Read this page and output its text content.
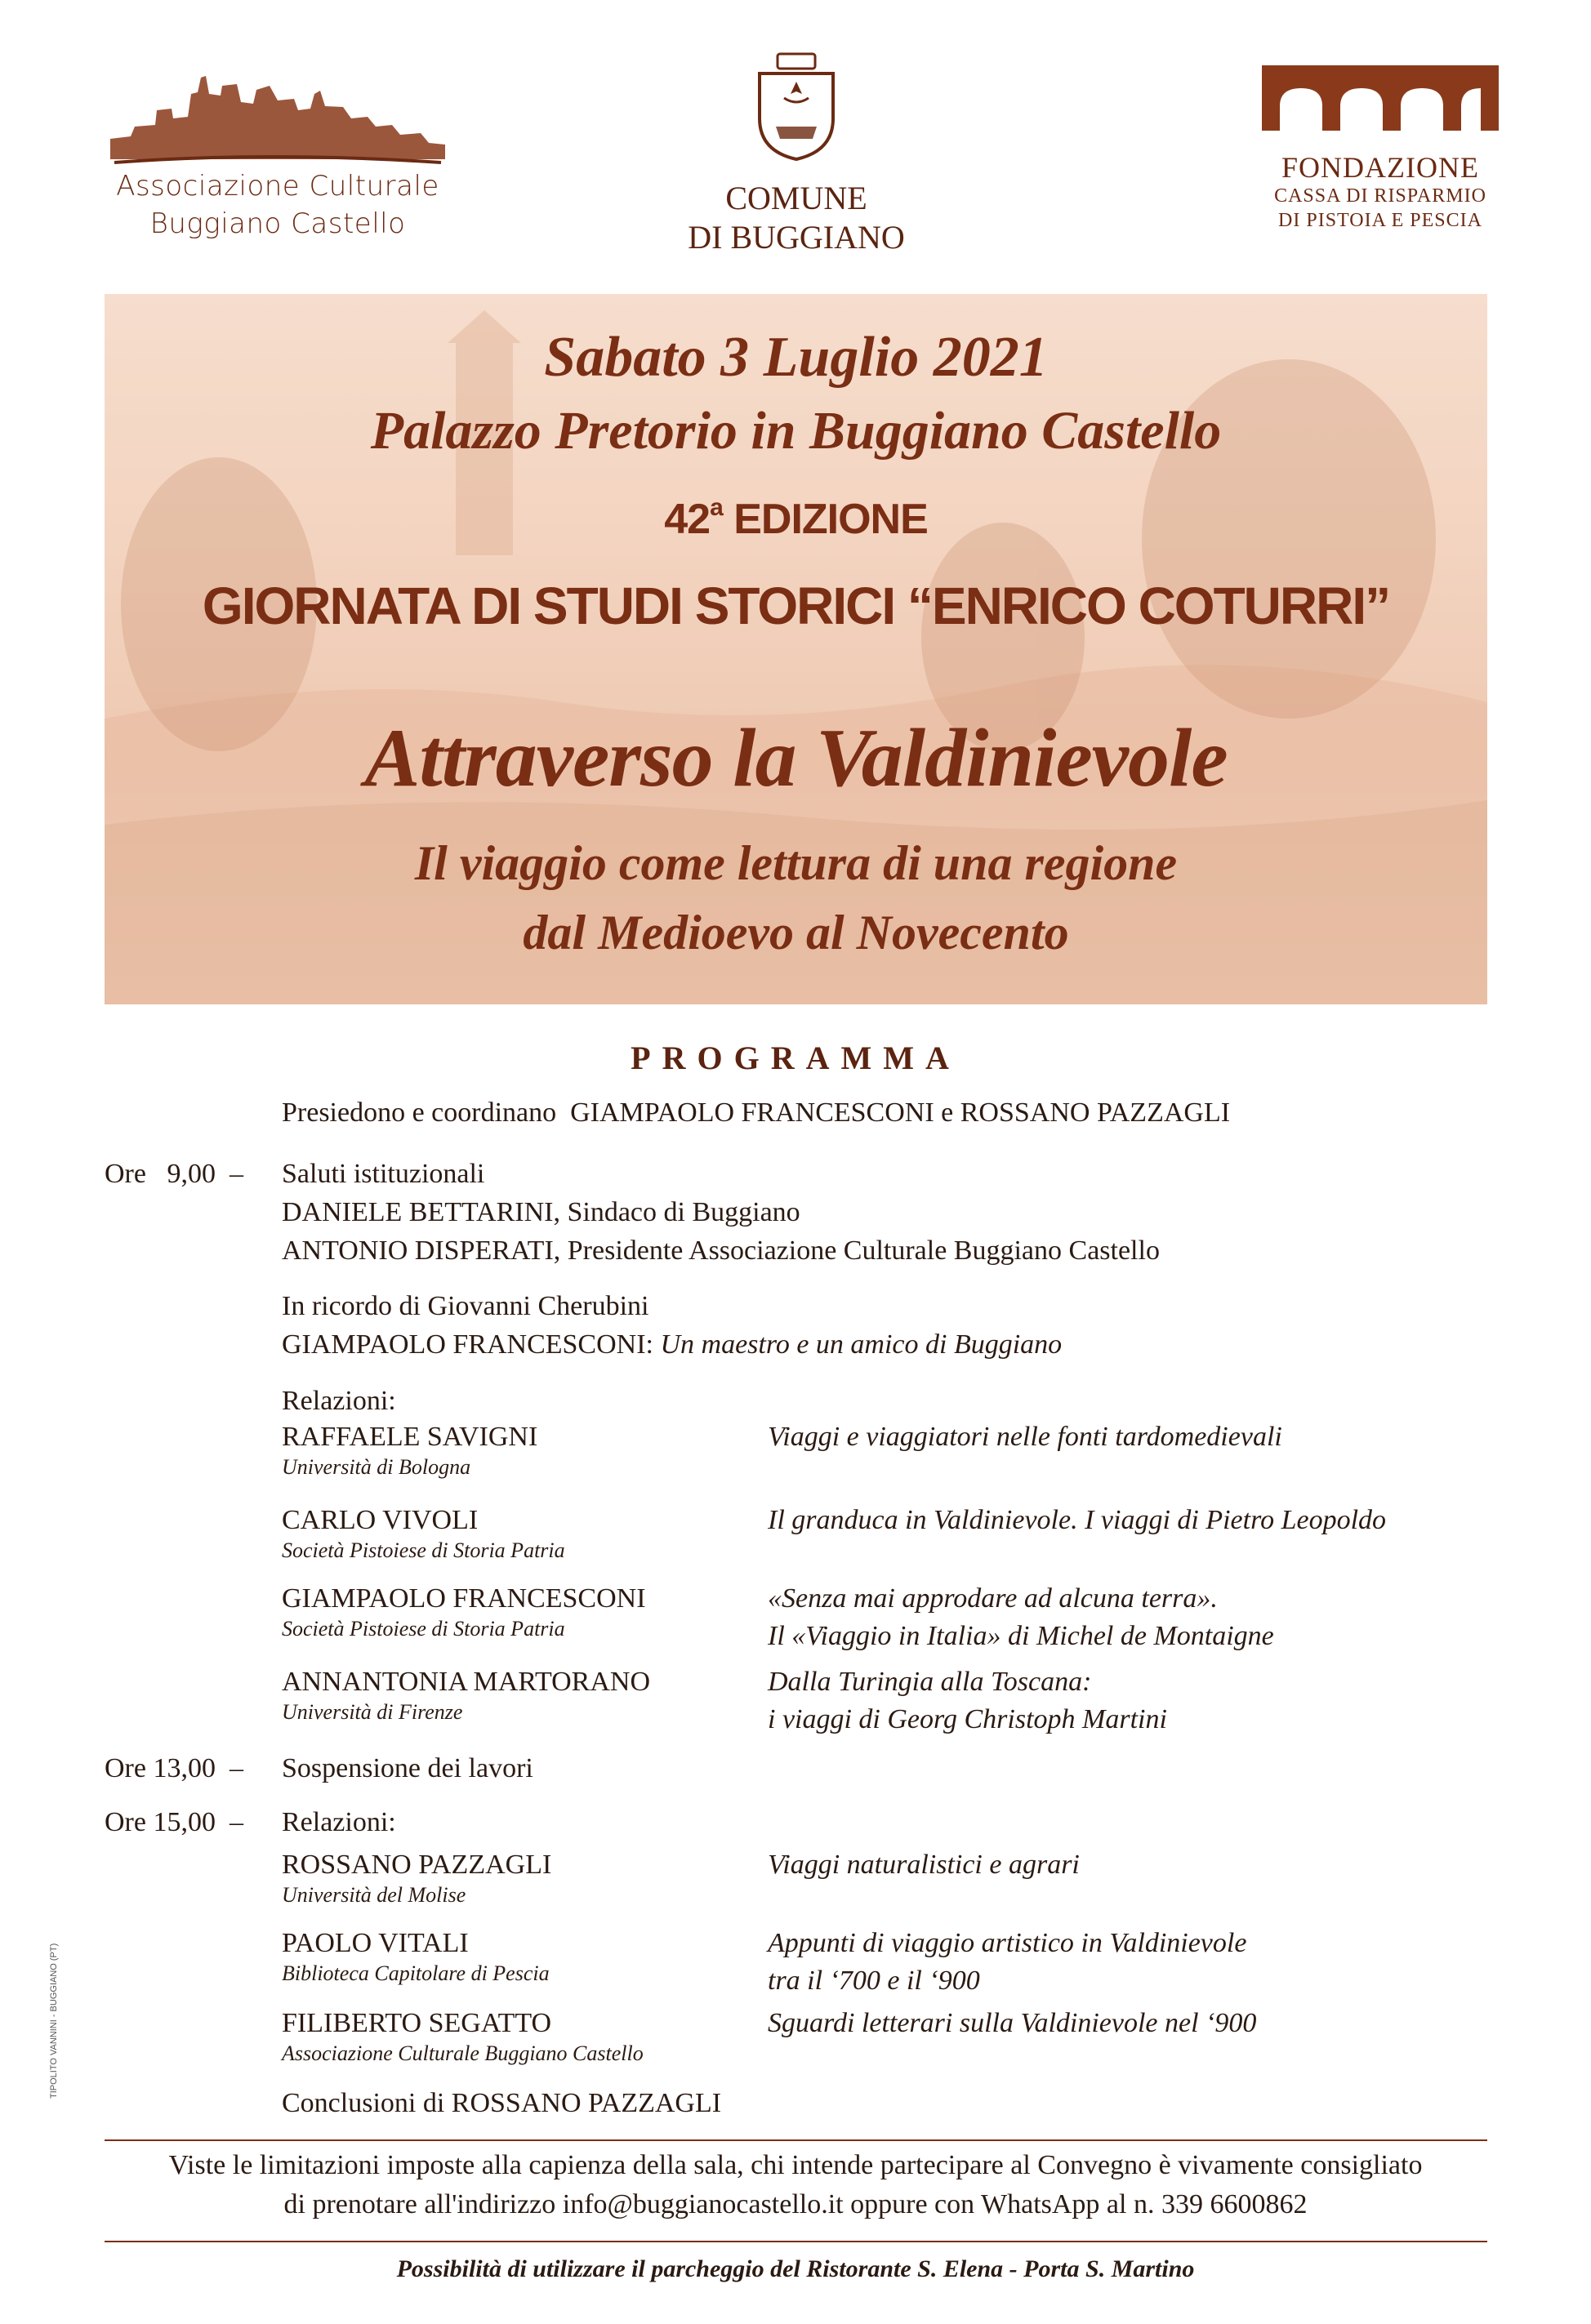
Associazione Culturale
Buggiano Castello
COMUNE
DI BUGGIANO
FONDAZIONE
CASSA DI RISPARMIO
DI PISTOIA E PESCIA
Sabato 3 Luglio 2021
Palazzo Pretorio in Buggiano Castello
42$^a$ EDIZIONE
GIORNATA DI STUDI STORICI “ENRICO COTURRI”
Attraverso la Valdinievole
Il viaggio come lettura di una regione
dal Medioevo al Novecento
PROGRAMMA
Presiedono e coordinano  GIAMPAOLO FRANCESCONI e ROSSANO PAZZAGLI
Ore 9,00 – Saluti istituzionali
DANIELE BETTARINI, Sindaco di Buggiano
ANTONIO DISPERATI, Presidente Associazione Culturale Buggiano Castello
In ricordo di Giovanni Cherubini
GIAMPAOLO FRANCESCONI: Un maestro e un amico di Buggiano
Relazioni:
RAFFAELE SAVIGNI
Università di Bologna
Viaggi e viaggiatori nelle fonti tardomedievali
CARLO VIVOLI
Società Pistoiese di Storia Patria
Il granduca in Valdinievole. I viaggi di Pietro Leopoldo
GIAMPAOLO FRANCESCONI
Società Pistoiese di Storia Patria
«Senza mai approdare ad alcuna terra».
Il «Viaggio in Italia» di Michel de Montaigne
ANNANTONIA MARTORANO
Università di Firenze
Dalla Turingia alla Toscana:
i viaggi di Georg Christoph Martini
Ore 13,00 – Sospensione dei lavori
Ore 15,00 – Relazioni:
ROSSANO PAZZAGLI
Università del Molise
Viaggi naturalistici e agrari
PAOLO VITALI
Biblioteca Capitolare di Pescia
Appunti di viaggio artistico in Valdinievole
tra il ‘700 e il ‘900
FILIBERTO SEGATTO
Associazione Culturale Buggiano Castello
Sguardi letterari sulla Valdinievole nel ‘900
Conclusioni di ROSSANO PAZZAGLI
Viste le limitazioni imposte alla capienza della sala, chi intende partecipare al Convegno è vivamente consigliato
di prenotare all'indirizzo info@buggianocastello.it oppure con WhatsApp al n. 339 6600862
Possibilità di utilizzare il parcheggio del Ristorante S. Elena - Porta S. Martino
TIPOLITO VANNINI - BUGGIANO (PT)
